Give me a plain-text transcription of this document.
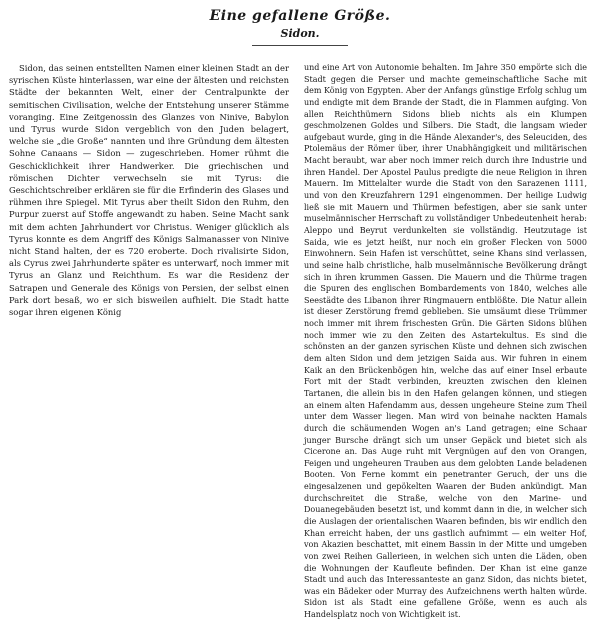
Eine gefallene Größe.
Sidon.

Sidon, das seinen entstellten Namen einer kleinen Stadt an der syrischen Küste hinterlassen, war eine der ältesten und reichsten Städte der bekannten Welt, einer der Centralpunkte der semitischen Civilisation, welche der Entstehung unserer Stämme voranging. Eine Zeitgenossin des Glanzes von Ninive, Babylon und Tyrus wurde Sidon vergeblich von den Juden belagert, welche sie „die Große“ nannten und ihre Gründung dem ältesten Sohne Canaans — Sidon — zugeschrieben. Homer rühmt die Geschicklichkeit ihrer Handwerker. Die griechischen und römischen Dichter verwechseln sie mit Tyrus: die Geschichtschreiber erklären sie für die Erfinderin des Glases und rühmen ihre Spiegel. Mit Tyrus aber theilt Sidon den Ruhm, den Purpur zuerst auf Stoffe angewandt zu haben. Seine Macht sank mit dem achten Jahrhundert vor Christus. Weniger glücklich als Tyrus konnte es dem Angriff des Königs Salmanasser von Ninive nicht Stand halten, der es 720 eroberte. Doch rivalisirte Sidon, als Cyrus zwei Jahrhunderte später es unterwarf, noch immer mit Tyrus an Glanz und Reichthum. Es war die Residenz der Satrapen und Generale des Königs von Persien, der selbst einen Park dort besaß, wo er sich bisweilen aufhielt. Die Stadt hatte sogar ihren eigenen König

und eine Art von Autonomie behalten. Im Jahre 350 empörte sich die Stadt gegen die Perser und machte gemeinschaftliche Sache mit dem König von Egypten. Aber der Anfangs günstige Erfolg schlug um und endigte mit dem Brande der Stadt, die in Flammen aufging. Von allen Reichthümern Sidons blieb nichts als ein Klumpen geschmolzenen Goldes und Silbers. Die Stadt, die langsam wieder aufgebaut wurde, ging in die Hände Alexander's, des Seleuciden, des Ptolemäus der Römer über, ihrer Unabhängigkeit und militärischen Macht beraubt, war aber noch immer reich durch ihre Industrie und ihren Handel. Der Apostel Paulus predigte die neue Religion in ihren Mauern. Im Mittelalter wurde die Stadt von den Sarazenen 1111, und von den Kreuzfahrern 1291 eingenommen. Der heilige Ludwig ließ sie mit Mauern und Thürmen befestigen, aber sie sank unter muselmännischer Herrschaft zu vollständiger Unbedeutenheit herab: Aleppo und Beyrut verdunkelten sie vollständig. Heutzutage ist Saida, wie es jetzt heißt, nur noch ein großer Flecken von 5000 Einwohnern. Sein Hafen ist verschüttet, seine Khans sind verlassen, und seine halb christliche, halb muselmännische Bevölkerung drängt sich in ihren krummen Gassen. Die Mauern und die Thürme tragen die Spuren des englischen Bombardements von 1840, welches alle Seestädte des Libanon ihrer Ringmauern entblößte. Die Natur allein ist dieser Zerstörung fremd geblieben. Sie umsäumt diese Trümmer noch immer mit ihrem frischesten Grün. Die Gärten Sidons blühen noch immer wie zu den Zeiten des Astartekultus. Es sind die schönsten an der ganzen syrischen Küste und dehnen sich zwischen dem alten Sidon und dem jetzigen Saida aus. Wir fuhren in einem Kaik an den Brückenbögen hin, welche das auf einer Insel erbaute Fort mit der Stadt verbinden, kreuzten zwischen den kleinen Tartanen, die allein bis in den Hafen gelangen können, und stiegen an einem alten Hafendamm aus, dessen ungeheure Steine zum Theil unter dem Wasser liegen. Man wird von beinahe nackten Hamals durch die schäumenden Wogen an's Land getragen; eine Schaar junger Bursche drängt sich um unser Gepäck und bietet sich als Cicerone an. Das Auge ruht mit Vergnügen auf den von Orangen, Feigen und ungeheuren Trauben aus dem gelobten Lande beladenen Booten. Von Ferne kommt ein penetranter Geruch, der uns die eingesalzenen und gepökelten Waaren der Buden ankündigt. Man durchschreitet die Straße, welche von den Marine- und Douanegebäuden besetzt ist, und kommt dann in die, in welcher sich die Auslagen der orientalischen Waaren befinden, bis wir endlich den Khan erreicht haben, der uns gastlich aufnimmt — ein weiter Hof, von Akazien beschattet, mit einem Bassin in der Mitte und umgeben von zwei Reihen Gallerieen, in welchen sich unten die Läden, oben die Wohnungen der Kaufleute befinden. Der Khan ist eine ganze Stadt und auch das Interessanteste an ganz Sidon, das nichts bietet, was ein Bädeker oder Murray des Aufzeichnens werth halten würde. Sidon ist als Stadt eine gefallene Größe, wenn es auch als Handelsplatz noch von Wichtigkeit ist.
